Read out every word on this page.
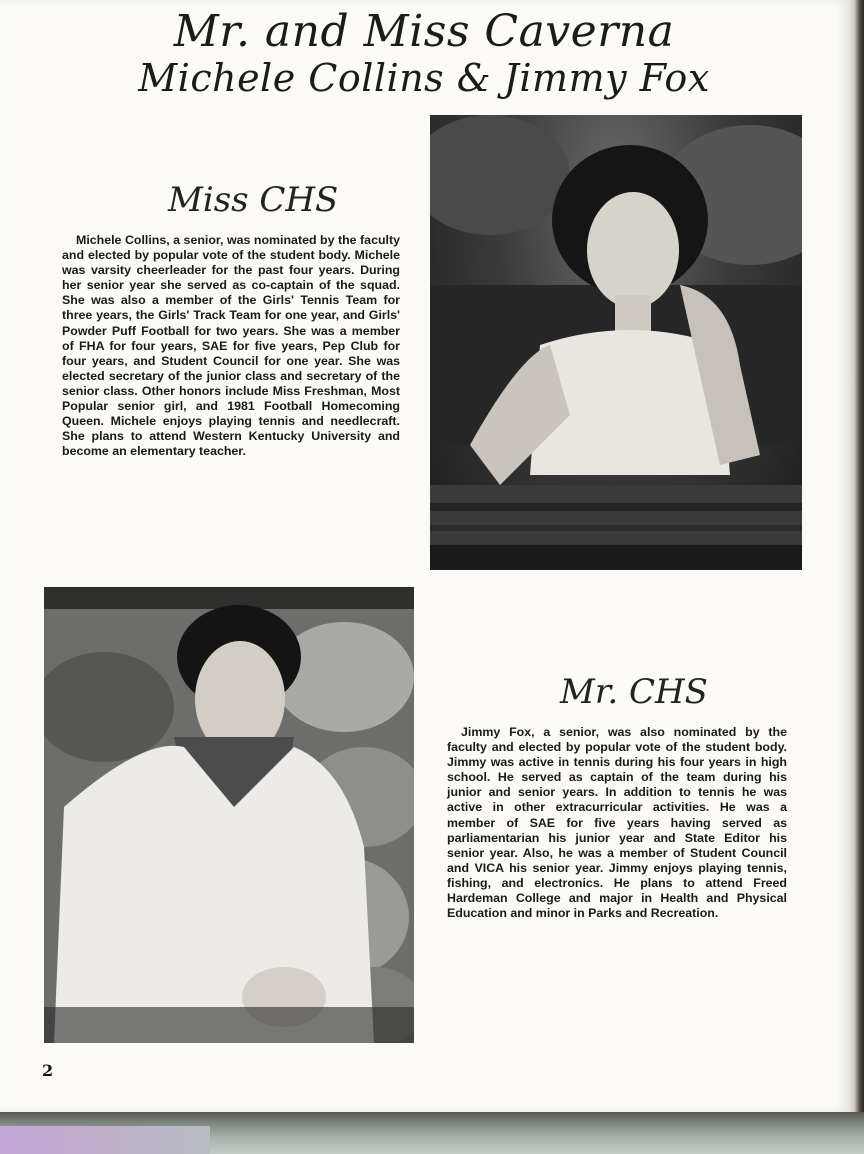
Mr. and Miss Caverna
Michele Collins & Jimmy Fox
Miss CHS
Michele Collins, a senior, was nominated by the faculty and elected by popular vote of the student body. Michele was varsity cheerleader for the past four years. During her senior year she served as co-captain of the squad. She was also a member of the Girls' Tennis Team for three years, the Girls' Track Team for one year, and Girls' Powder Puff Football for two years. She was a member of FHA for four years, SAE for five years, Pep Club for four years, and Student Council for one year. She was elected secretary of the junior class and secretary of the senior class. Other honors include Miss Freshman, Most Popular senior girl, and 1981 Football Homecoming Queen. Michele enjoys playing tennis and needlecraft. She plans to attend Western Kentucky University and become an elementary teacher.
Mr. CHS
Jimmy Fox, a senior, was also nominated by the faculty and elected by popular vote of the student body. Jimmy was active in tennis during his four years in high school. He served as captain of the team during his junior and senior years. In addition to tennis he was active in other extracurricular activities. He was a member of SAE for five years having served as parliamentarian his junior year and State Editor his senior year. Also, he was a member of Student Council and VICA his senior year. Jimmy enjoys playing tennis, fishing, and electronics. He plans to attend Freed Hardeman College and major in Health and Physical Education and minor in Parks and Recreation.
2
